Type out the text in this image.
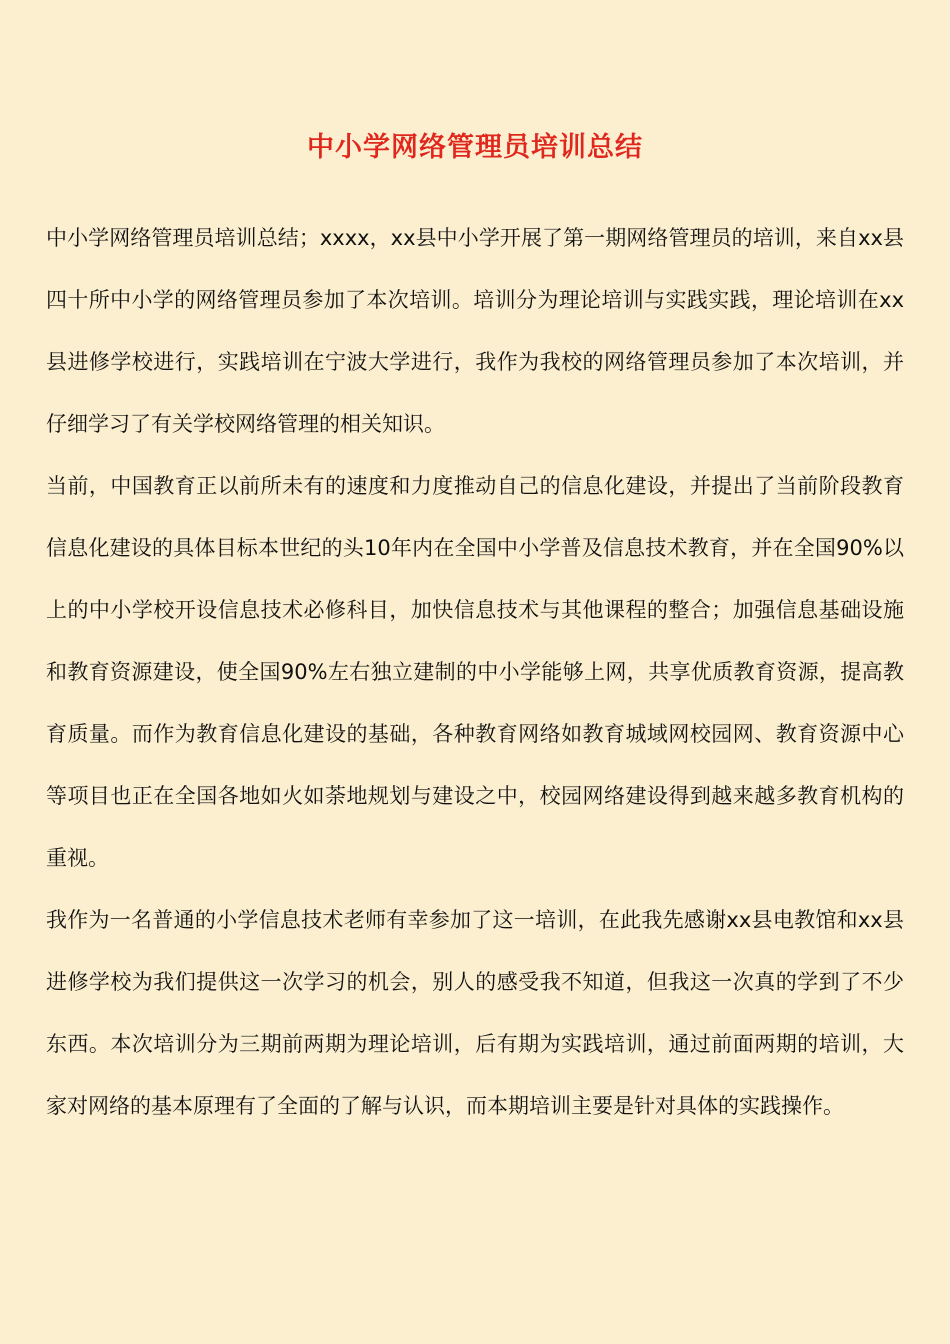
中小学网络管理员培训总结

中小学网络管理员培训总结；xxxx，xx县中小学开展了第一期网络管理员的培训，来自xx县四十所中小学的网络管理员参加了本次培训。培训分为理论培训与实践实践，理论培训在xx县进修学校进行，实践培训在宁波大学进行，我作为我校的网络管理员参加了本次培训，并仔细学习了有关学校网络管理的相关知识。

当前，中国教育正以前所未有的速度和力度推动自己的信息化建设，并提出了当前阶段教育信息化建设的具体目标本世纪的头10年内在全国中小学普及信息技术教育，并在全国90%以上的中小学校开设信息技术必修科目，加快信息技术与其他课程的整合；加强信息基础设施和教育资源建设，使全国90%左右独立建制的中小学能够上网，共享优质教育资源，提高教育质量。而作为教育信息化建设的基础，各种教育网络如教育城域网校园网、教育资源中心等项目也正在全国各地如火如荼地规划与建设之中，校园网络建设得到越来越多教育机构的重视。

我作为一名普通的小学信息技术老师有幸参加了这一培训，在此我先感谢xx县电教馆和xx县进修学校为我们提供这一次学习的机会，别人的感受我不知道，但我这一次真的学到了不少东西。本次培训分为三期前两期为理论培训，后有期为实践培训，通过前面两期的培训，大家对网络的基本原理有了全面的了解与认识，而本期培训主要是针对具体的实践操作。
